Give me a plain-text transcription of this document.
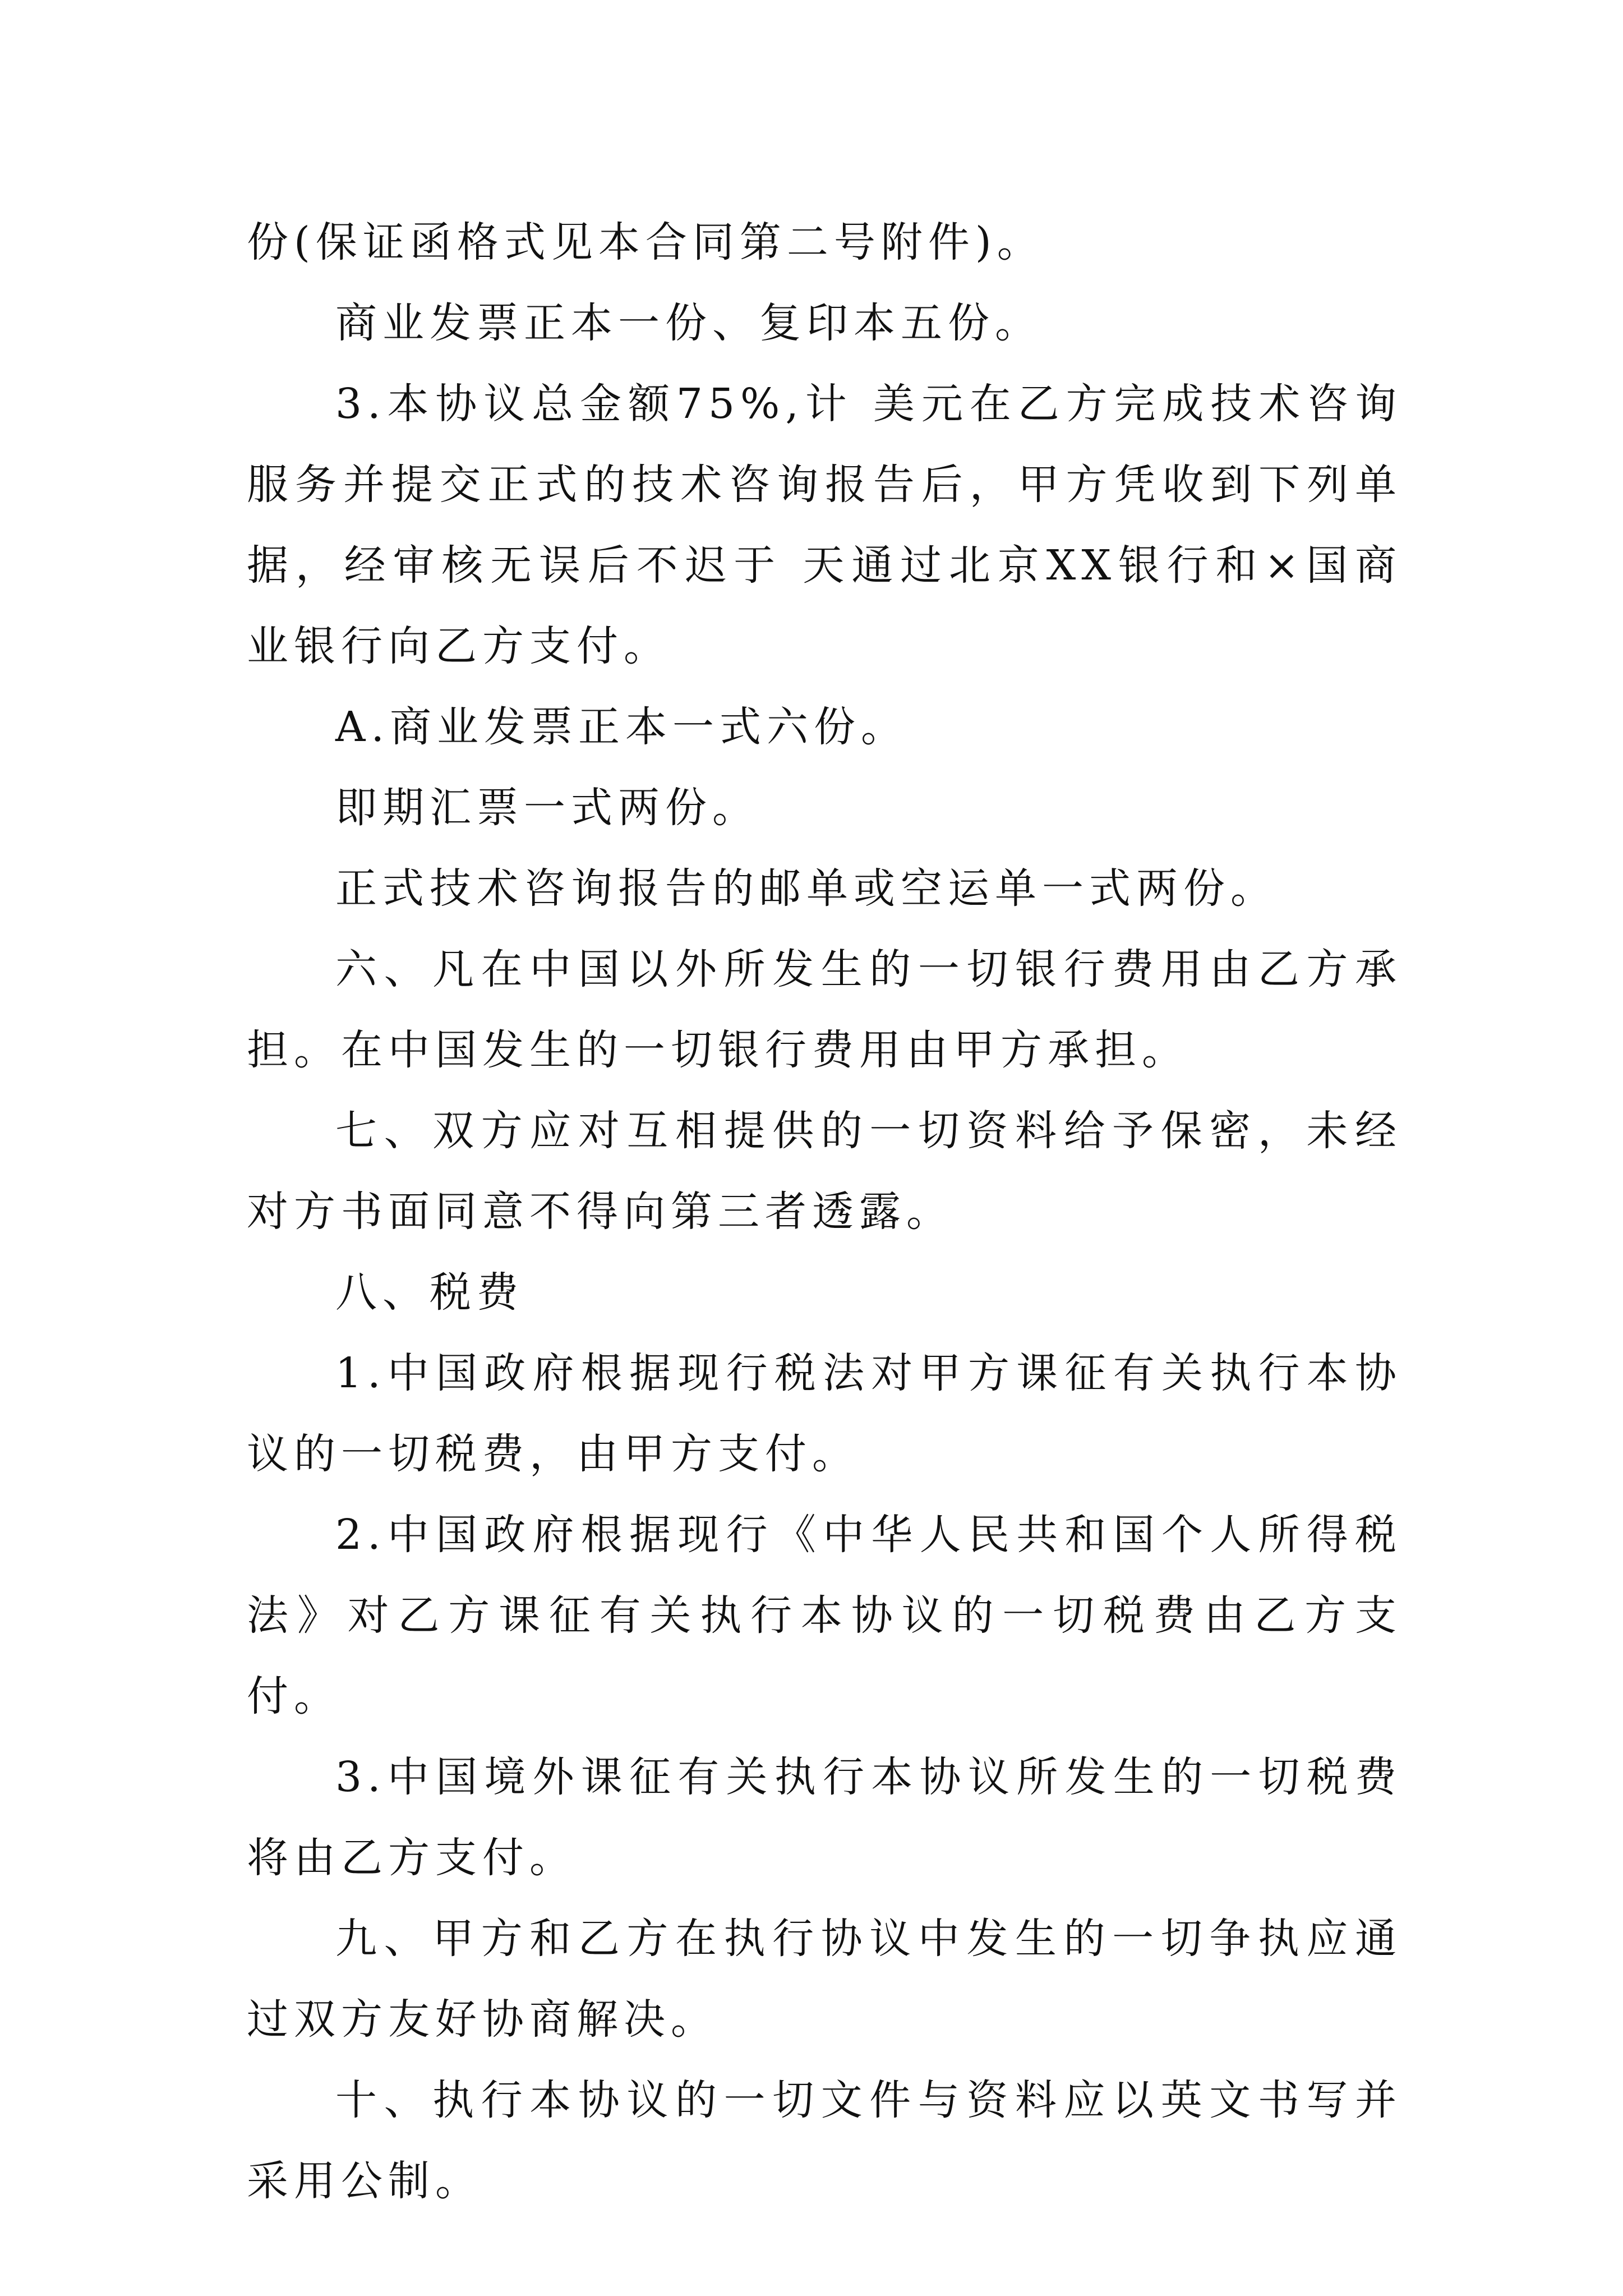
份(保证函格式见本合同第二号附件)。

商业发票正本一份、复印本五份。

3.本协议总金额75%,计 美元在乙方完成技术咨询服务并提交正式的技术咨询报告后，甲方凭收到下列单据，经审核无误后不迟于 天通过北京XX银行和×国商业银行向乙方支付。

A.商业发票正本一式六份。

即期汇票一式两份。

正式技术咨询报告的邮单或空运单一式两份。

六、凡在中国以外所发生的一切银行费用由乙方承担。在中国发生的一切银行费用由甲方承担。

七、双方应对互相提供的一切资料给予保密，未经对方书面同意不得向第三者透露。

八、税费

1.中国政府根据现行税法对甲方课征有关执行本协议的一切税费，由甲方支付。

2.中国政府根据现行《中华人民共和国个人所得税法》对乙方课征有关执行本协议的一切税费由乙方支付。

3.中国境外课征有关执行本协议所发生的一切税费将由乙方支付。

九、甲方和乙方在执行协议中发生的一切争执应通过双方友好协商解决。

十、执行本协议的一切文件与资料应以英文书写并采用公制。
